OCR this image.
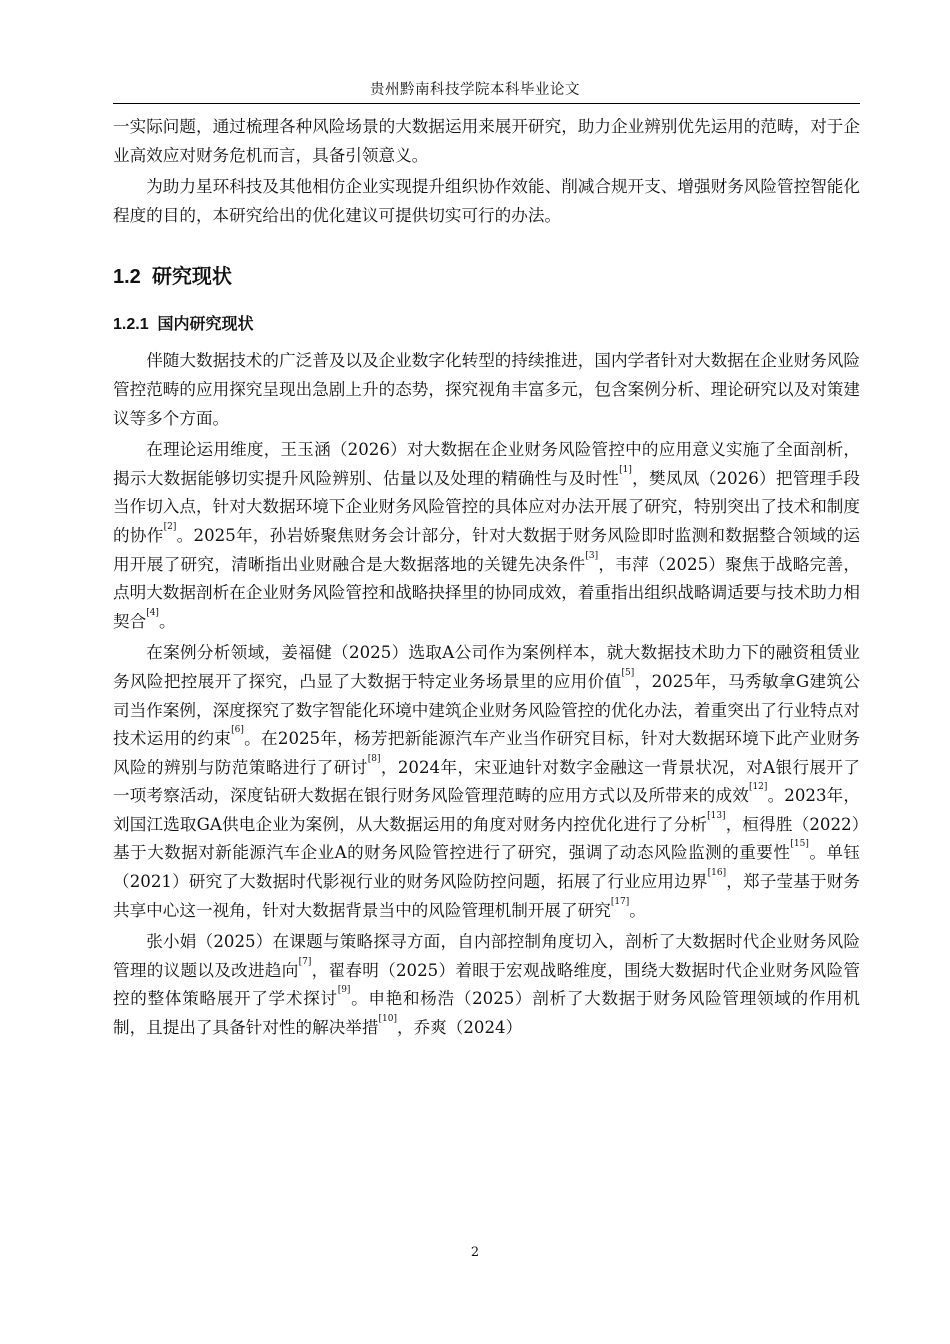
贵州黔南科技学院本科毕业论文

一实际问题，通过梳理各种风险场景的大数据运用来展开研究，助力企业辨别优先运用的范畴，对于企业高效应对财务危机而言，具备引领意义。

为助力星环科技及其他相仿企业实现提升组织协作效能、削减合规开支、增强财务风险管控智能化程度的目的，本研究给出的优化建议可提供切实可行的办法。

1.2 研究现状
1.2.1 国内研究现状

伴随大数据技术的广泛普及以及企业数字化转型的持续推进，国内学者针对大数据在企业财务风险管控范畴的应用探究呈现出急剧上升的态势，探究视角丰富多元，包含案例分析、理论研究以及对策建议等多个方面。

在理论运用维度，王玉涵（2026）对大数据在企业财务风险管控中的应用意义实施了全面剖析，揭示大数据能够切实提升风险辨别、估量以及处理的精确性与及时性[1]，樊凤凤（2026）把管理手段当作切入点，针对大数据环境下企业财务风险管控的具体应对办法开展了研究，特别突出了技术和制度的协作[2]。2025年，孙岩娇聚焦财务会计部分，针对大数据于财务风险即时监测和数据整合领域的运用开展了研究，清晰指出业财融合是大数据落地的关键先决条件[3]，韦萍（2025）聚焦于战略完善，点明大数据剖析在企业财务风险管控和战略抉择里的协同成效，着重指出组织战略调适要与技术助力相契合[4]。

在案例分析领域，姜福健（2025）选取A公司作为案例样本，就大数据技术助力下的融资租赁业务风险把控展开了探究，凸显了大数据于特定业务场景里的应用价值[5]，2025年，马秀敏拿G建筑公司当作案例，深度探究了数字智能化环境中建筑企业财务风险管控的优化办法，着重突出了行业特点对技术运用的约束[6]。在2025年，杨芳把新能源汽车产业当作研究目标，针对大数据环境下此产业财务风险的辨别与防范策略进行了研讨[8]，2024年，宋亚迪针对数字金融这一背景状况，对A银行展开了一项考察活动，深度钻研大数据在银行财务风险管理范畴的应用方式以及所带来的成效[12]。2023年，刘国江选取GA供电企业为案例，从大数据运用的角度对财务内控优化进行了分析[13]，桓得胜（2022）基于大数据对新能源汽车企业A的财务风险管控进行了研究，强调了动态风险监测的重要性[15]。单钰（2021）研究了大数据时代影视行业的财务风险防控问题，拓展了行业应用边界[16]，郑子莹基于财务共享中心这一视角，针对大数据背景当中的风险管理机制开展了研究[17]。

张小娟（2025）在课题与策略探寻方面，自内部控制角度切入，剖析了大数据时代企业财务风险管理的议题以及改进趋向[7]，翟春明（2025）着眼于宏观战略维度，围绕大数据时代企业财务风险管控的整体策略展开了学术探讨[9]。申艳和杨浩（2025）剖析了大数据于财务风险管理领域的作用机制，且提出了具备针对性的解决举措[10]，乔爽（2024）

2
